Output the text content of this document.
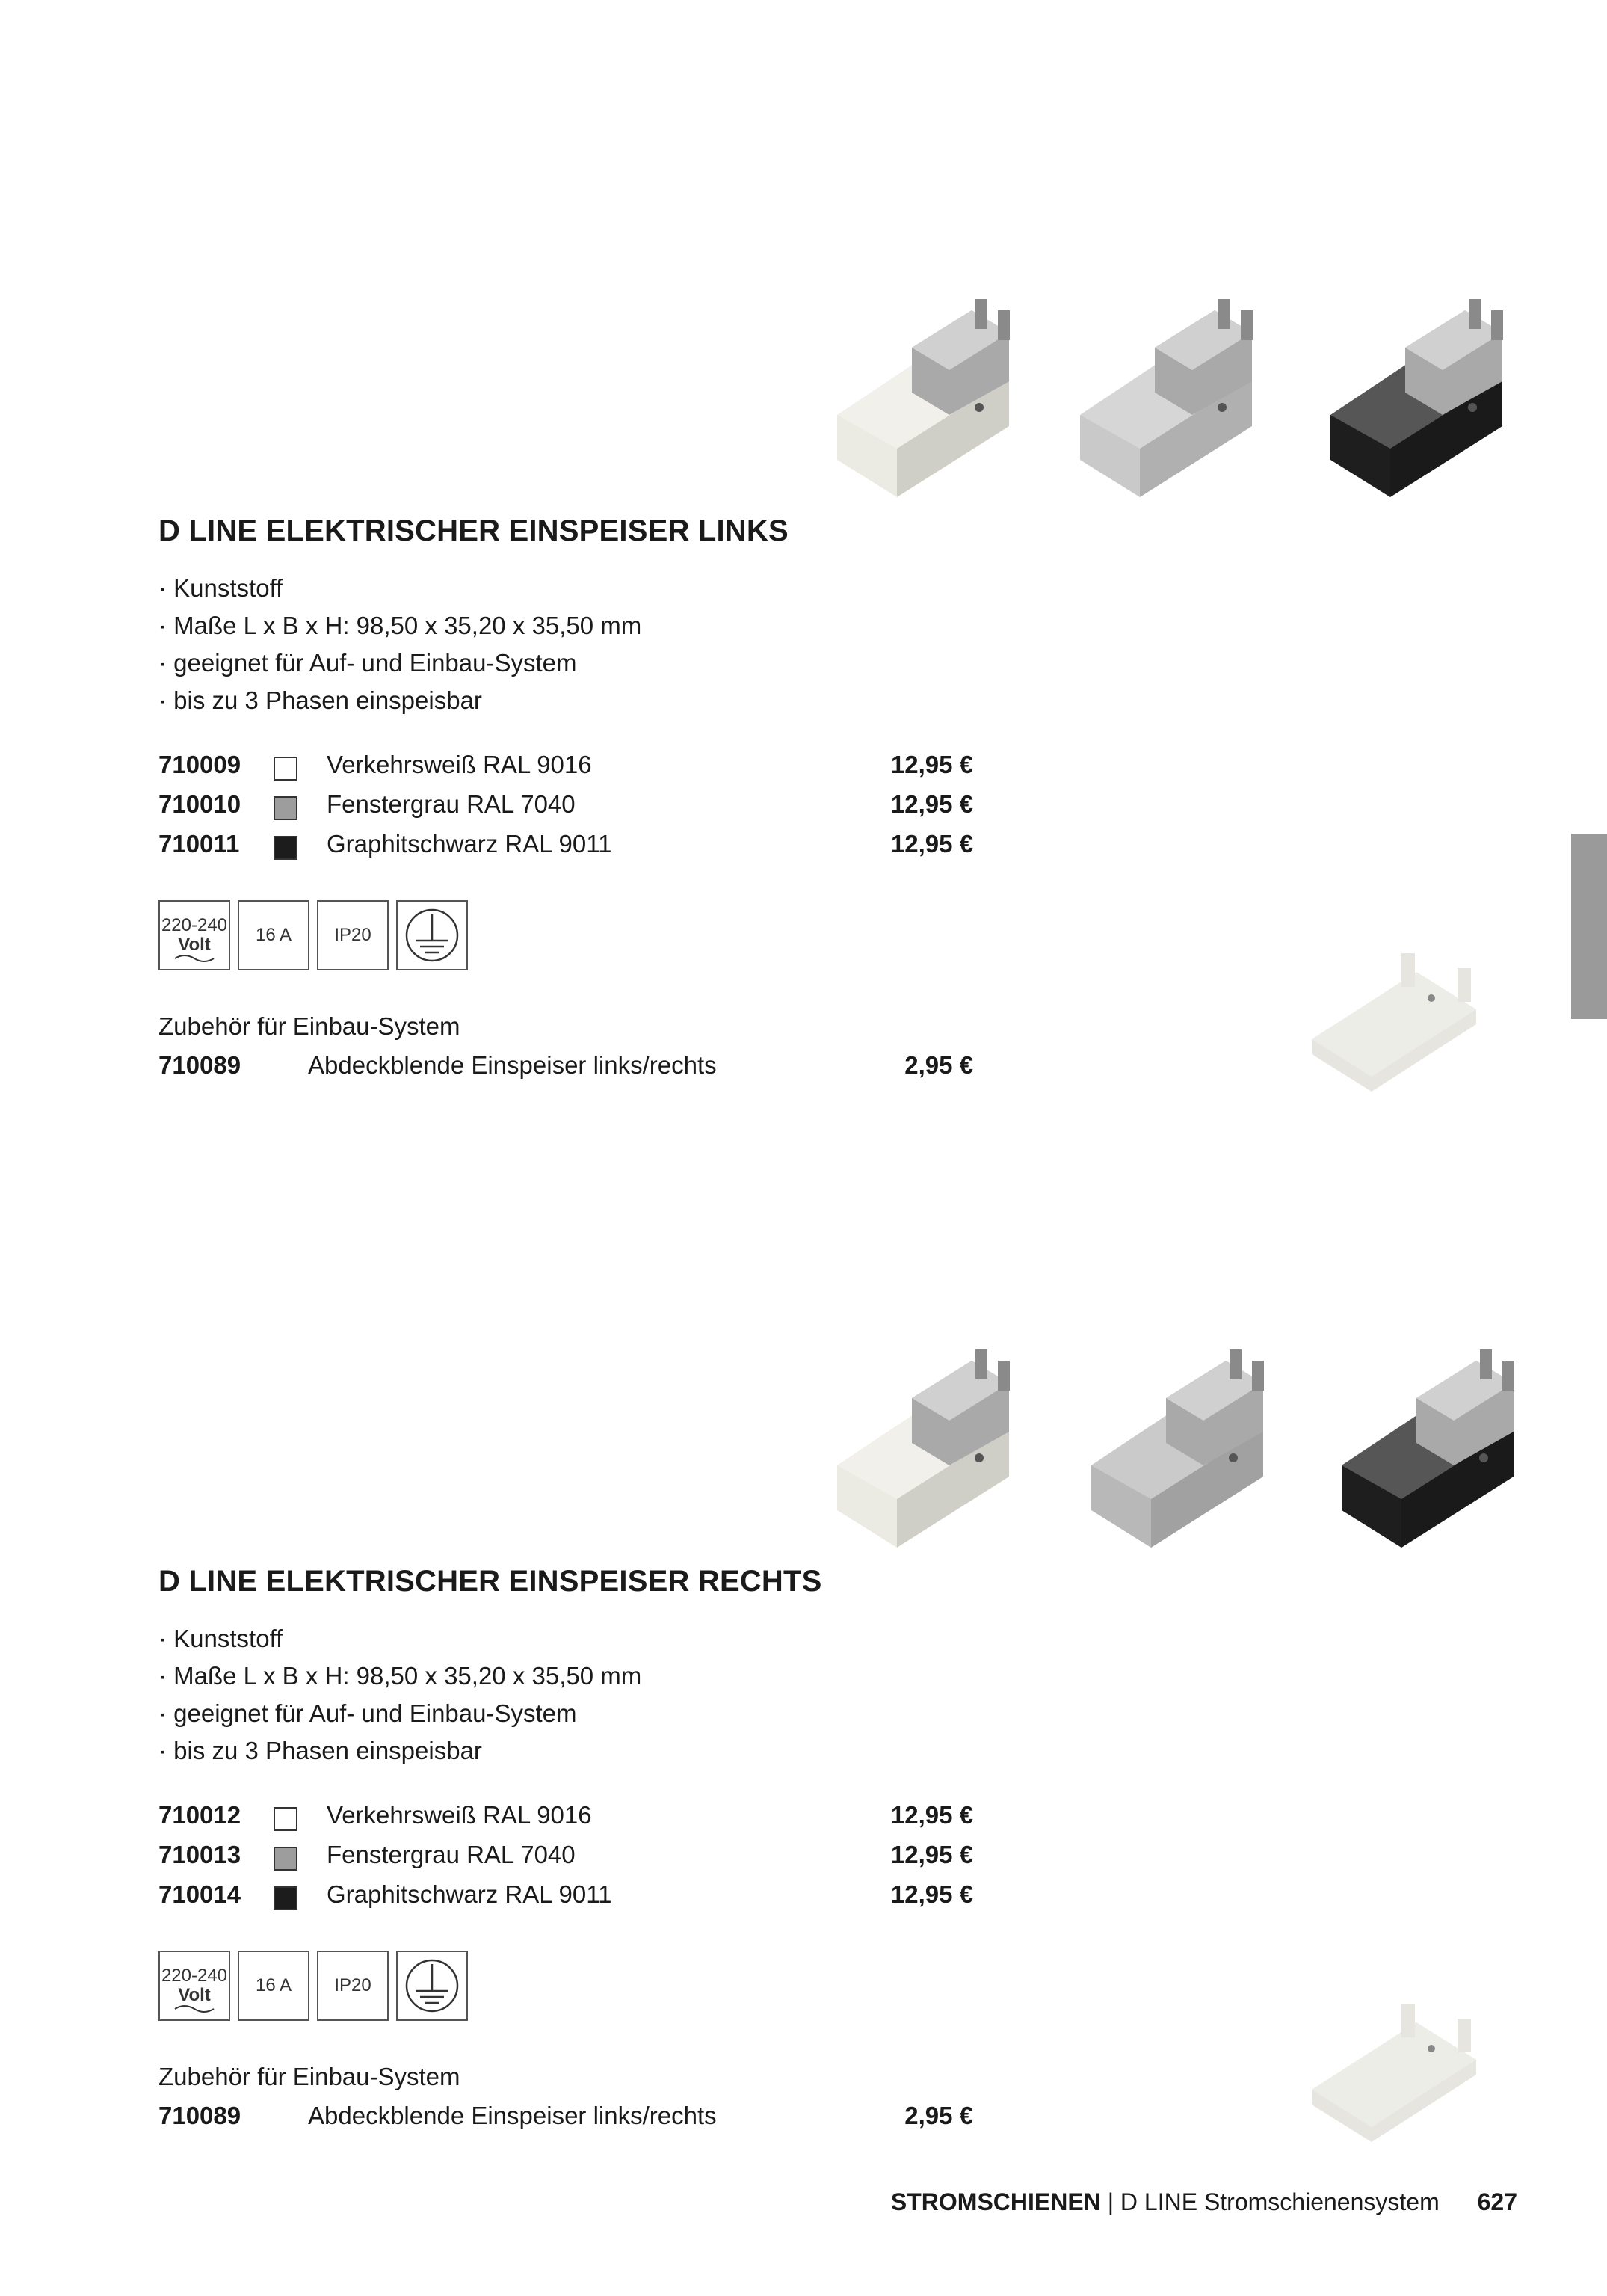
D LINE ELEKTRISCHER EINSPEISER LINKS
· Kunststoff
· Maße L x B x H: 98,50 x 35,20 x 35,50 mm
· geeignet für Auf- und Einbau-System
· bis zu 3 Phasen einspeisbar
710009	Verkehrsweiß RAL 9016	12,95 €
710010	Fenstergrau RAL 7040	12,95 €
710011	Graphitschwarz RAL 9011	12,95 €
220-240
Volt	16 A	IP20
Zubehör für Einbau-System
710089	Abdeckblende Einspeiser links/rechts	2,95 €
D LINE ELEKTRISCHER EINSPEISER RECHTS
· Kunststoff
· Maße L x B x H: 98,50 x 35,20 x 35,50 mm
· geeignet für Auf- und Einbau-System
· bis zu 3 Phasen einspeisbar
710012	Verkehrsweiß RAL 9016	12,95 €
710013	Fenstergrau RAL 7040	12,95 €
710014	Graphitschwarz RAL 9011	12,95 €
220-240
Volt	16 A	IP20
Zubehör für Einbau-System
710089	Abdeckblende Einspeiser links/rechts	2,95 €
STROMSCHIENEN | D LINE Stromschienensystem 627
